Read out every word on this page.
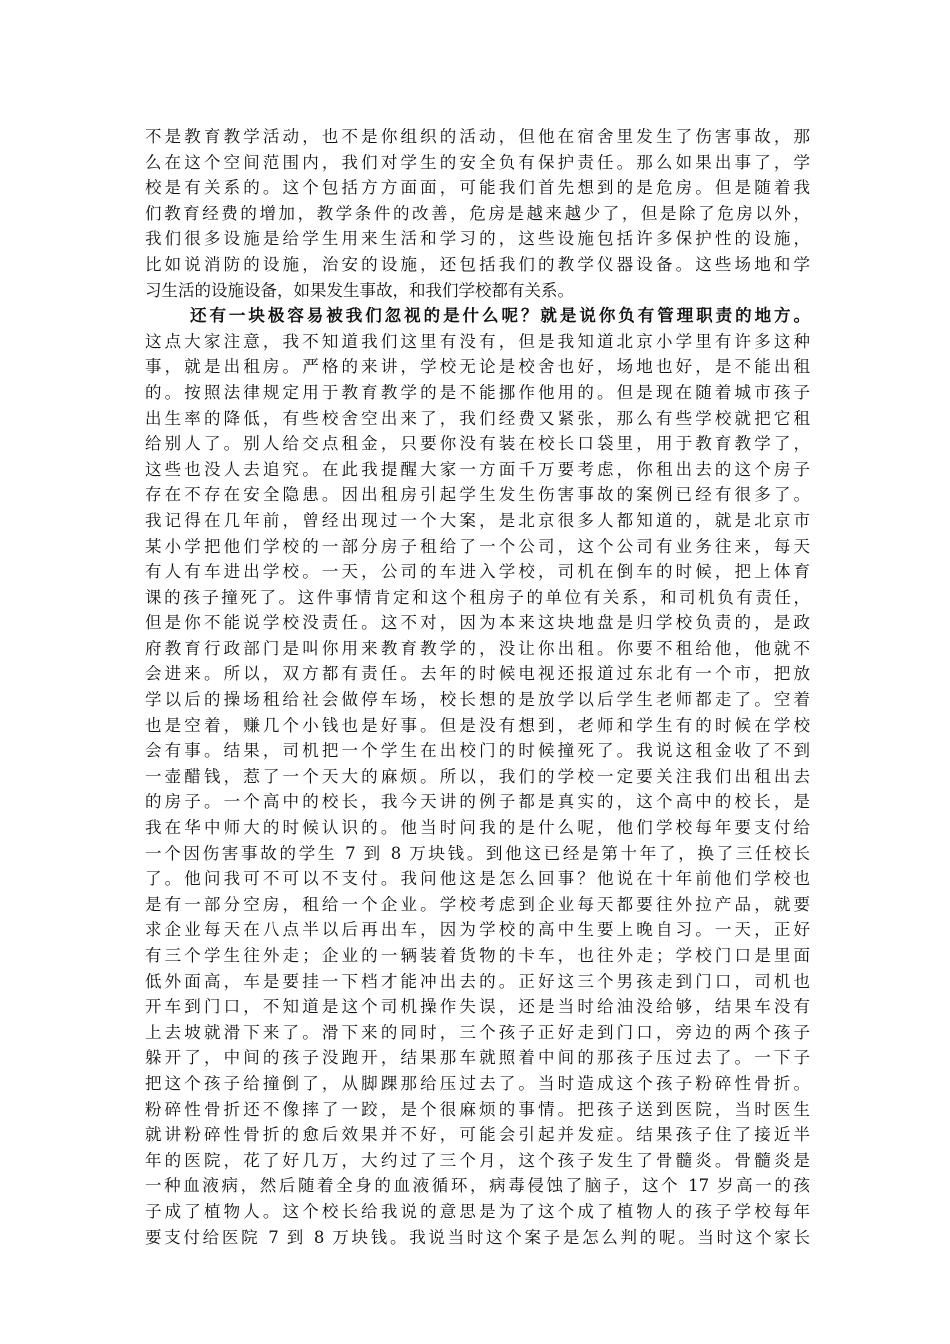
不是教育教学活动，也不是你组织的活动，但他在宿舍里发生了伤害事故，那
么在这个空间范围内，我们对学生的安全负有保护责任。那么如果出事了，学
校是有关系的。这个包括方方面面，可能我们首先想到的是危房。但是随着我
们教育经费的增加，教学条件的改善，危房是越来越少了，但是除了危房以外，
我们很多设施是给学生用来生活和学习的，这些设施包括许多保护性的设施，
比如说消防的设施，治安的设施，还包括我们的教学仪器设备。这些场地和学
习生活的设施设备，如果发生事故，和我们学校都有关系。
还有一块极容易被我们忽视的是什么呢？就是说你负有管理职责的地方。
这点大家注意，我不知道我们这里有没有，但是我知道北京小学里有许多这种
事，就是出租房。严格的来讲，学校无论是校舍也好，场地也好，是不能出租
的。按照法律规定用于教育教学的是不能挪作他用的。但是现在随着城市孩子
出生率的降低，有些校舍空出来了，我们经费又紧张，那么有些学校就把它租
给别人了。别人给交点租金，只要你没有装在校长口袋里，用于教育教学了，
这些也没人去追究。在此我提醒大家一方面千万要考虑，你租出去的这个房子
存在不存在安全隐患。因出租房引起学生发生伤害事故的案例已经有很多了。
我记得在几年前，曾经出现过一个大案，是北京很多人都知道的，就是北京市
某小学把他们学校的一部分房子租给了一个公司，这个公司有业务往来，每天
有人有车进出学校。一天，公司的车进入学校，司机在倒车的时候，把上体育
课的孩子撞死了。这件事情肯定和这个租房子的单位有关系，和司机负有责任，
但是你不能说学校没责任。这不对，因为本来这块地盘是归学校负责的，是政
府教育行政部门是叫你用来教育教学的，没让你出租。你要不租给他，他就不
会进来。所以，双方都有责任。去年的时候电视还报道过东北有一个市，把放
学以后的操场租给社会做停车场，校长想的是放学以后学生老师都走了。空着
也是空着，赚几个小钱也是好事。但是没有想到，老师和学生有的时候在学校
会有事。结果，司机把一个学生在出校门的时候撞死了。我说这租金收了不到
一壶醋钱，惹了一个天大的麻烦。所以，我们的学校一定要关注我们出租出去
的房子。一个高中的校长，我今天讲的例子都是真实的，这个高中的校长，是
我在华中师大的时候认识的。他当时问我的是什么呢，他们学校每年要支付给
一个因伤害事故的学生 7 到 8 万块钱。到他这已经是第十年了，换了三任校长
了。他问我可不可以不支付。我问他这是怎么回事？他说在十年前他们学校也
是有一部分空房，租给一个企业。学校考虑到企业每天都要往外拉产品，就要
求企业每天在八点半以后再出车，因为学校的高中生要上晚自习。一天，正好
有三个学生往外走；企业的一辆装着货物的卡车，也往外走；学校门口是里面
低外面高，车是要挂一下档才能冲出去的。正好这三个男孩走到门口，司机也
开车到门口，不知道是这个司机操作失误，还是当时给油没给够，结果车没有
上去坡就滑下来了。滑下来的同时，三个孩子正好走到门口，旁边的两个孩子
躲开了，中间的孩子没跑开，结果那车就照着中间的那孩子压过去了。一下子
把这个孩子给撞倒了，从脚踝那给压过去了。当时造成这个孩子粉碎性骨折。
粉碎性骨折还不像摔了一跤，是个很麻烦的事情。把孩子送到医院，当时医生
就讲粉碎性骨折的愈后效果并不好，可能会引起并发症。结果孩子住了接近半
年的医院，花了好几万，大约过了三个月，这个孩子发生了骨髓炎。骨髓炎是
一种血液病，然后随着全身的血液循环，病毒侵蚀了脑子，这个 17 岁高一的孩
子成了植物人。这个校长给我说的意思是为了这个成了植物人的孩子学校每年
要支付给医院 7 到 8 万块钱。我说当时这个案子是怎么判的呢。当时这个家长
